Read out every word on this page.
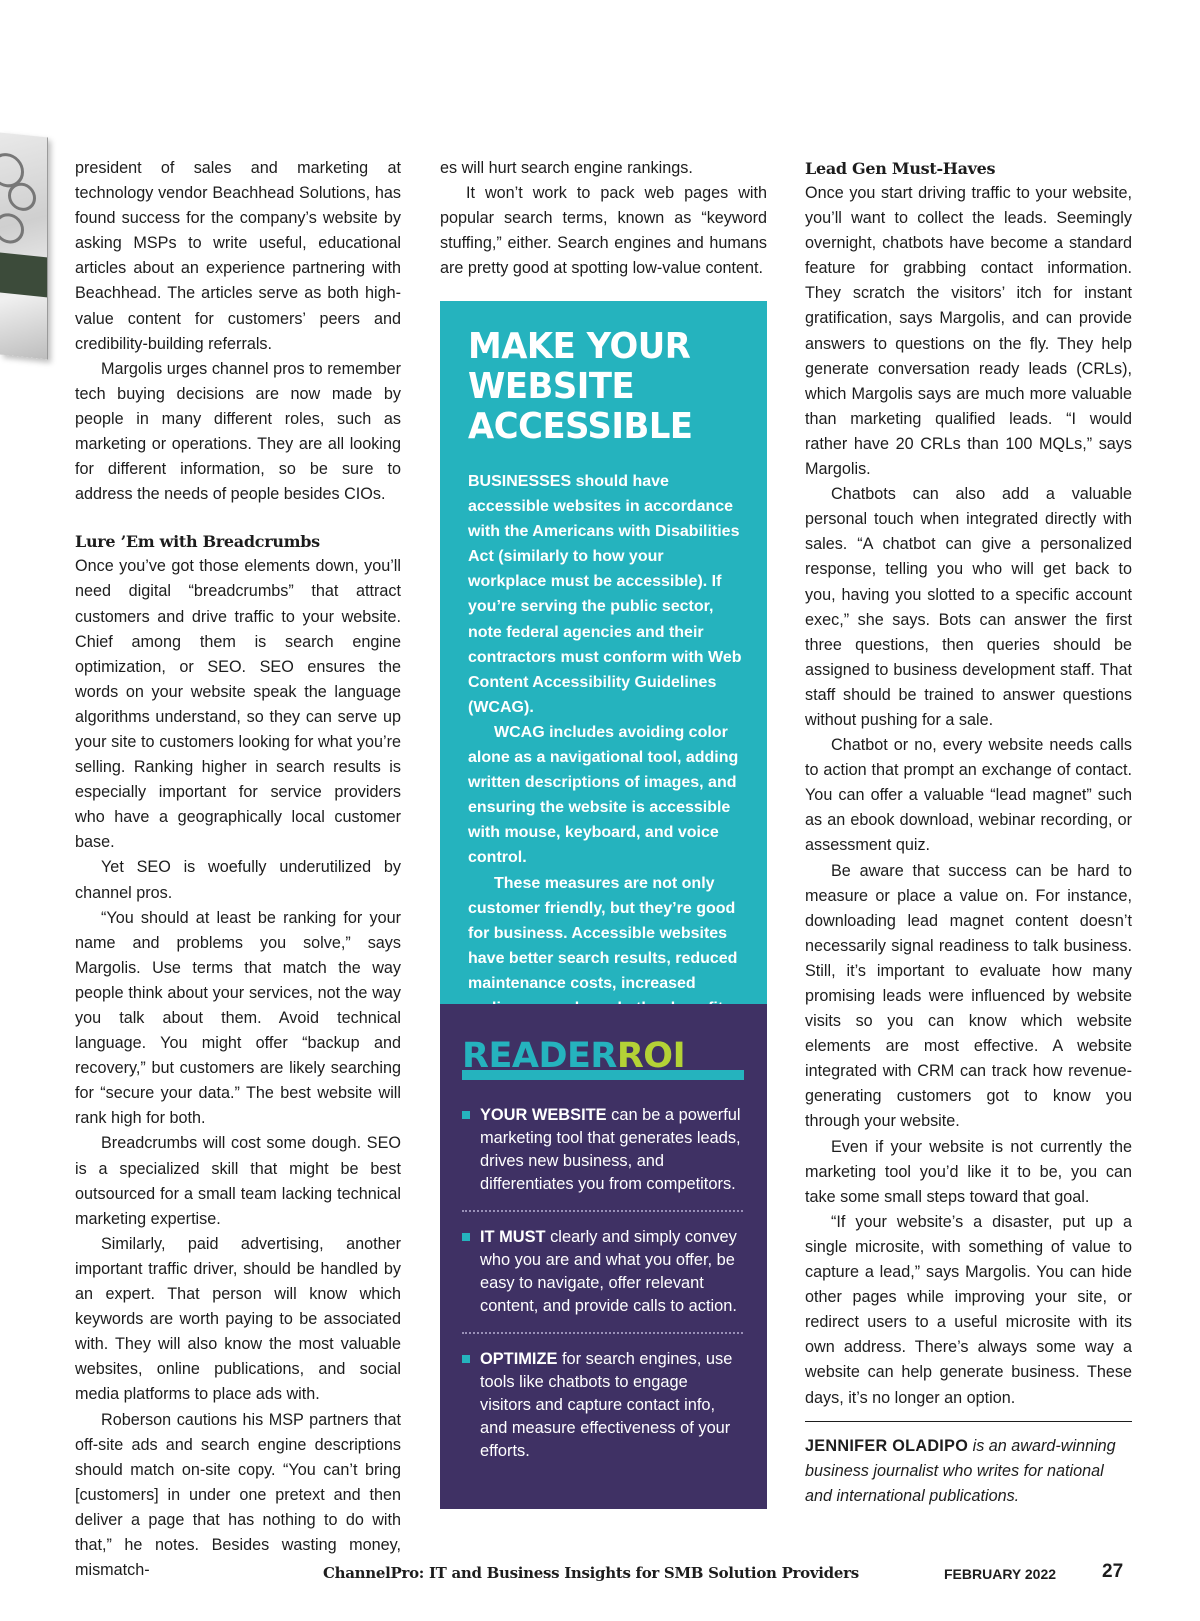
president of sales and marketing at technology vendor Beachhead Solutions, has found success for the company’s website by asking MSPs to write useful, educational articles about an experience partnering with Beachhead. The articles serve as both high-value content for customers’ peers and credibility-building referrals.

Margolis urges channel pros to remember tech buying decisions are now made by people in many different roles, such as marketing or operations. They are all looking for different information, so be sure to address the needs of people besides CIOs.

Lure ’Em with Breadcrumbs

Once you’ve got those elements down, you’ll need digital “breadcrumbs” that attract customers and drive traffic to your website. Chief among them is search engine optimization, or SEO. SEO ensures the words on your website speak the language algorithms understand, so they can serve up your site to customers looking for what you’re selling. Ranking higher in search results is especially important for service providers who have a geographically local customer base.

Yet SEO is woefully underutilized by channel pros.

“You should at least be ranking for your name and problems you solve,” says Margolis. Use terms that match the way people think about your services, not the way you talk about them. Avoid technical language. You might offer “backup and recovery,” but customers are likely searching for “secure your data.” The best website will rank high for both.

Breadcrumbs will cost some dough. SEO is a specialized skill that might be best outsourced for a small team lacking technical marketing expertise.

Similarly, paid advertising, another important traffic driver, should be handled by an expert. That person will know which keywords are worth paying to be associated with. They will also know the most valuable websites, online publications, and social media platforms to place ads with.

Roberson cautions his MSP partners that off-site ads and search engine descriptions should match on-site copy. “You can’t bring [customers] in under one pretext and then deliver a page that has nothing to do with that,” he notes. Besides wasting money, mismatch-

es will hurt search engine rankings.

It won’t work to pack web pages with popular search terms, known as “keyword stuffing,” either. Search engines and humans are pretty good at spotting low-value content.

MAKE YOUR
WEBSITE
ACCESSIBLE

BUSINESSES should have accessible websites in accordance with the Americans with Disabilities Act (similarly to how your workplace must be accessible). If you’re serving the public sector, note federal agencies and their contractors must conform with Web Content Accessibility Guidelines (WCAG).

WCAG includes avoiding color alone as a navigational tool, adding written descriptions of images, and ensuring the website is accessible with mouse, keyboard, and voice control.

These measures are not only customer friendly, but they’re good for business. Accessible websites have better search results, reduced maintenance costs, increased

READERROI
YOUR WEBSITE can be a powerful marketing tool that generates leads, drives new business, and differentiates you from competitors.
IT MUST clearly and simply convey who you are and what you offer, be easy to navigate, offer relevant content, and provide calls to action.
OPTIMIZE for search engines, use tools like chatbots to engage visitors and capture contact info, and measure effectiveness of your efforts.
Lead Gen Must-Haves

Once you start driving traffic to your website, you’ll want to collect the leads. Seemingly overnight, chatbots have become a standard feature for grabbing contact information. They scratch the visitors’ itch for instant gratification, says Margolis, and can provide answers to questions on the fly. They help generate conversation ready leads (CRLs), which Margolis says are much more valuable than marketing qualified leads. “I would rather have 20 CRLs than 100 MQLs,” says Margolis.

Chatbots can also add a valuable personal touch when integrated directly with sales. “A chatbot can give a personalized response, telling you who will get back to you, having you slotted to a specific account exec,” she says. Bots can answer the first three questions, then queries should be assigned to business development staff. That staff should be trained to answer questions without pushing for a sale.

Chatbot or no, every website needs calls to action that prompt an exchange of contact. You can offer a valuable “lead magnet” such as an ebook download, webinar recording, or assessment quiz.

Be aware that success can be hard to measure or place a value on. For instance, downloading lead magnet content doesn’t necessarily signal readiness to talk business. Still, it’s important to evaluate how many promising leads were influenced by website visits so you can know which website elements are most effective. A website integrated with CRM can track how revenue-generating customers got to know you through your website.

Even if your website is not currently the marketing tool you’d like it to be, you can take some small steps toward that goal.

“If your website’s a disaster, put up a single microsite, with something of value to capture a lead,” says Margolis. You can hide other pages while improving your site, or redirect users to a useful microsite with its own address. There’s always some way a website can help generate business. These days, it’s no longer an option.

JENNIFER OLADIPO is an award-winning business journalist who writes for national and international publications.
ChannelPro: IT and Business Insights for SMB Solution Providers	FEBRUARY 2022 27
